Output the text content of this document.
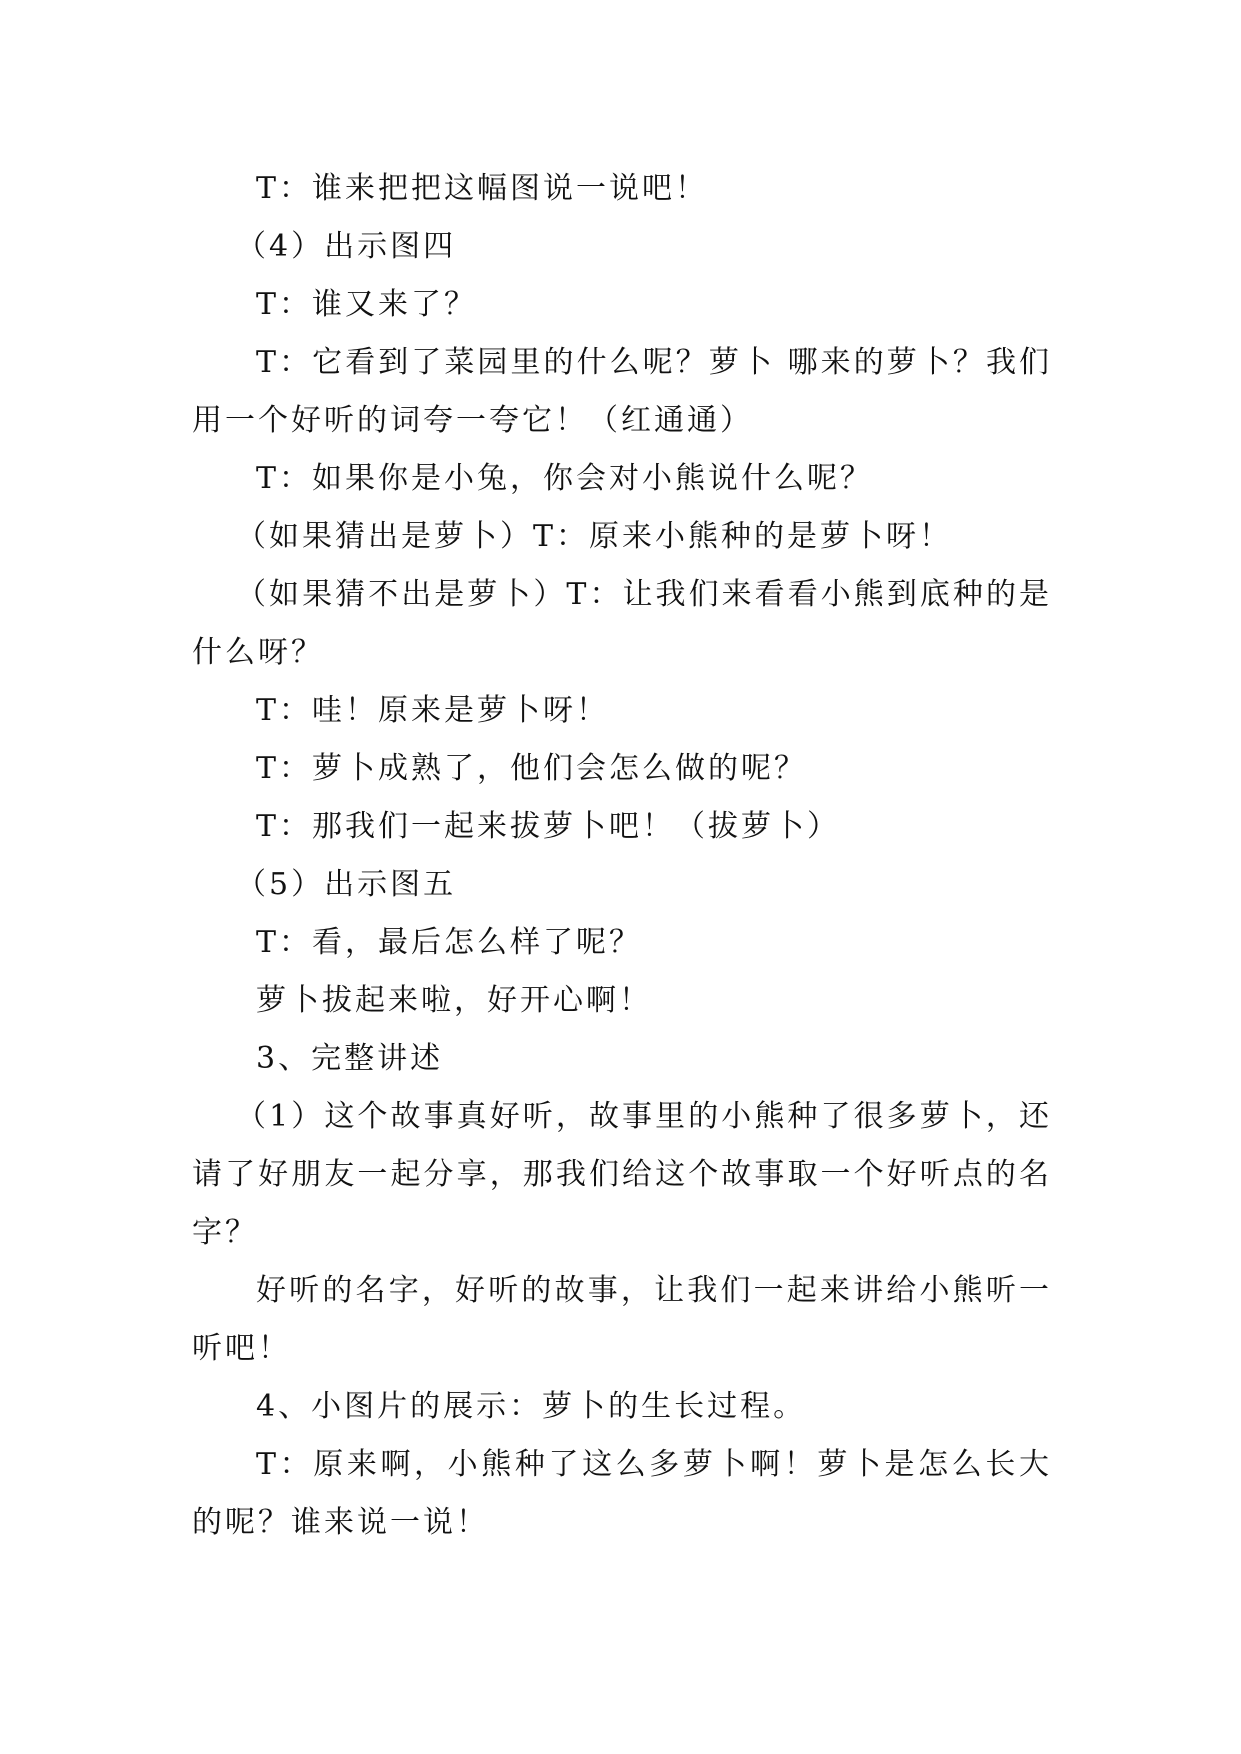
T：谁来把把这幅图说一说吧！

（4）出示图四

T：谁又来了？

T：它看到了菜园里的什么呢？萝卜 哪来的萝卜？我们用一个好听的词夸一夸它！（红通通）

T：如果你是小兔，你会对小熊说什么呢？

（如果猜出是萝卜）T：原来小熊种的是萝卜呀！

（如果猜不出是萝卜）T：让我们来看看小熊到底种的是什么呀？

T：哇！原来是萝卜呀！

T：萝卜成熟了，他们会怎么做的呢？

T：那我们一起来拔萝卜吧！（拔萝卜）

（5）出示图五

T：看，最后怎么样了呢？

萝卜拔起来啦，好开心啊！

3、完整讲述

（1）这个故事真好听，故事里的小熊种了很多萝卜，还请了好朋友一起分享，那我们给这个故事取一个好听点的名字？

好听的名字，好听的故事，让我们一起来讲给小熊听一听吧！

4、小图片的展示：萝卜的生长过程。

T：原来啊，小熊种了这么多萝卜啊！萝卜是怎么长大的呢？谁来说一说！
